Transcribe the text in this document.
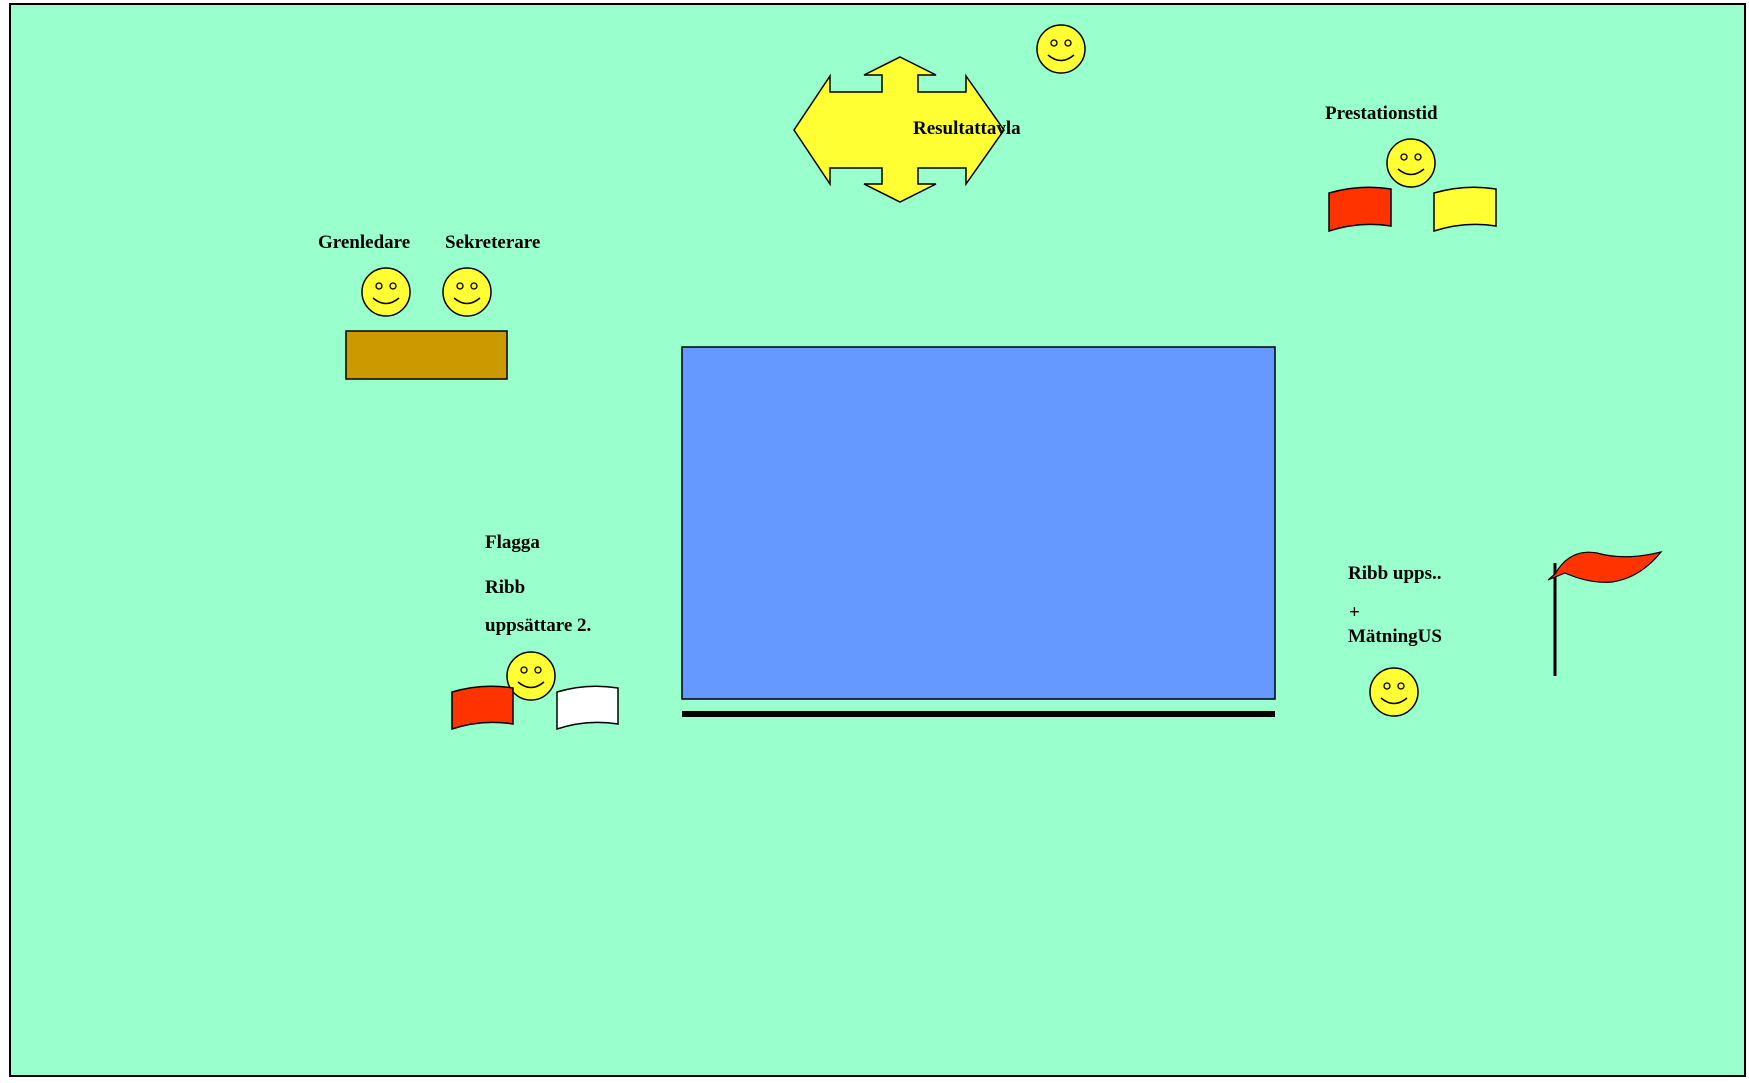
Resultattavla
Prestationstid
Grenledare Sekreterare
Flagga
Ribb
uppsättare 2.
Ribb upps..
+
MätningUS
